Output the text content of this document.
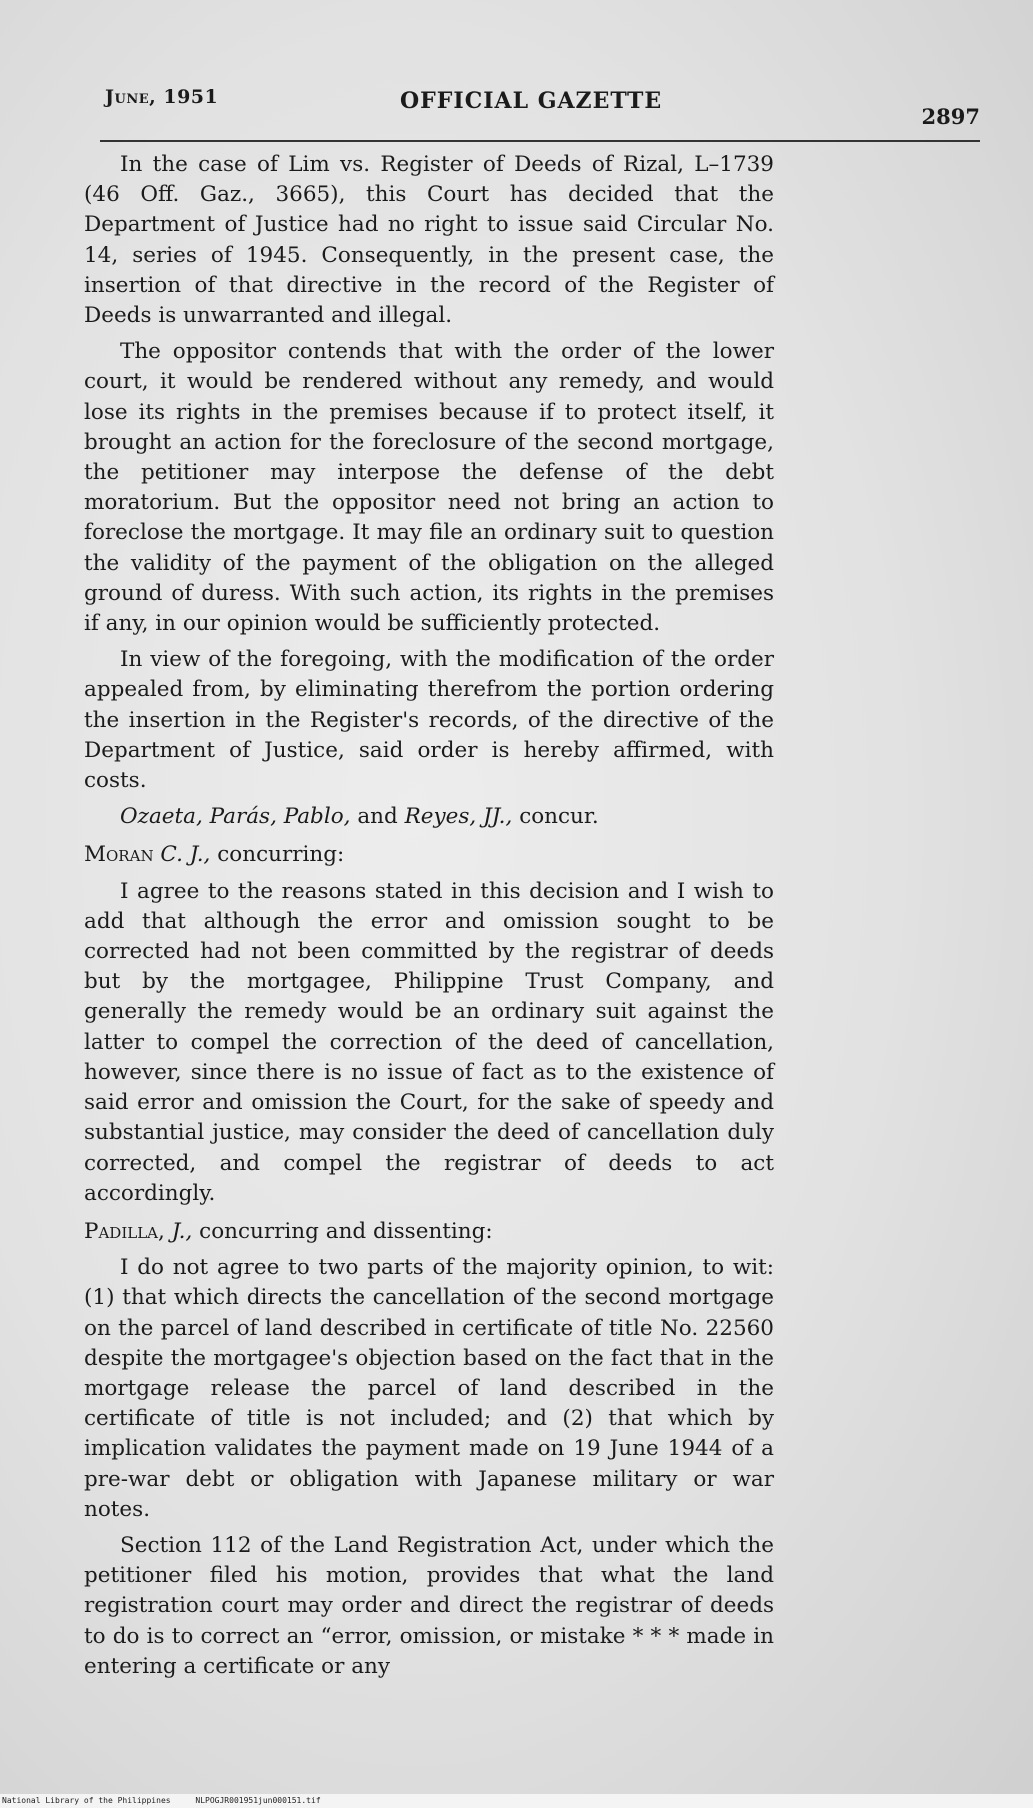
June, 1951	OFFICIAL GAZETTE
2897

In the case of Lim vs. Register of Deeds of Rizal, L–1739 (46 Off. Gaz., 3665), this Court has decided that the Department of Justice had no right to issue said Circular No. 14, series of 1945. Consequently, in the present case, the insertion of that directive in the record of the Register of Deeds is unwarranted and illegal.

The oppositor contends that with the order of the lower court, it would be rendered without any remedy, and would lose its rights in the premises because if to protect itself, it brought an action for the foreclosure of the second mortgage, the petitioner may interpose the defense of the debt moratorium. But the oppositor need not bring an action to foreclose the mortgage. It may file an ordinary suit to question the validity of the payment of the obligation on the alleged ground of duress. With such action, its rights in the premises if any, in our opinion would be sufficiently protected.

In view of the foregoing, with the modification of the order appealed from, by eliminating therefrom the portion ordering the insertion in the Register's records, of the directive of the Department of Justice, said order is hereby affirmed, with costs.

Ozaeta, Parás, Pablo, and Reyes, JJ., concur.

Moran C. J., concurring:

I agree to the reasons stated in this decision and I wish to add that although the error and omission sought to be corrected had not been committed by the registrar of deeds but by the mortgagee, Philippine Trust Company, and generally the remedy would be an ordinary suit against the latter to compel the correction of the deed of cancellation, however, since there is no issue of fact as to the existence of said error and omission the Court, for the sake of speedy and substantial justice, may consider the deed of cancellation duly corrected, and compel the registrar of deeds to act accordingly.

Padilla, J., concurring and dissenting:

I do not agree to two parts of the majority opinion, to wit: (1) that which directs the cancellation of the second mortgage on the parcel of land described in certificate of title No. 22560 despite the mortgagee's objection based on the fact that in the mortgage release the parcel of land described in the certificate of title is not included; and (2) that which by implication validates the payment made on 19 June 1944 of a pre-war debt or obligation with Japanese military or war notes.

Section 112 of the Land Registration Act, under which the petitioner filed his motion, provides that what the land registration court may order and direct the registrar of deeds to do is to correct an “error, omission, or mistake * * * made in entering a certificate or any

National Library of the Philippines	NLPOGJR001951jun000151.tif
